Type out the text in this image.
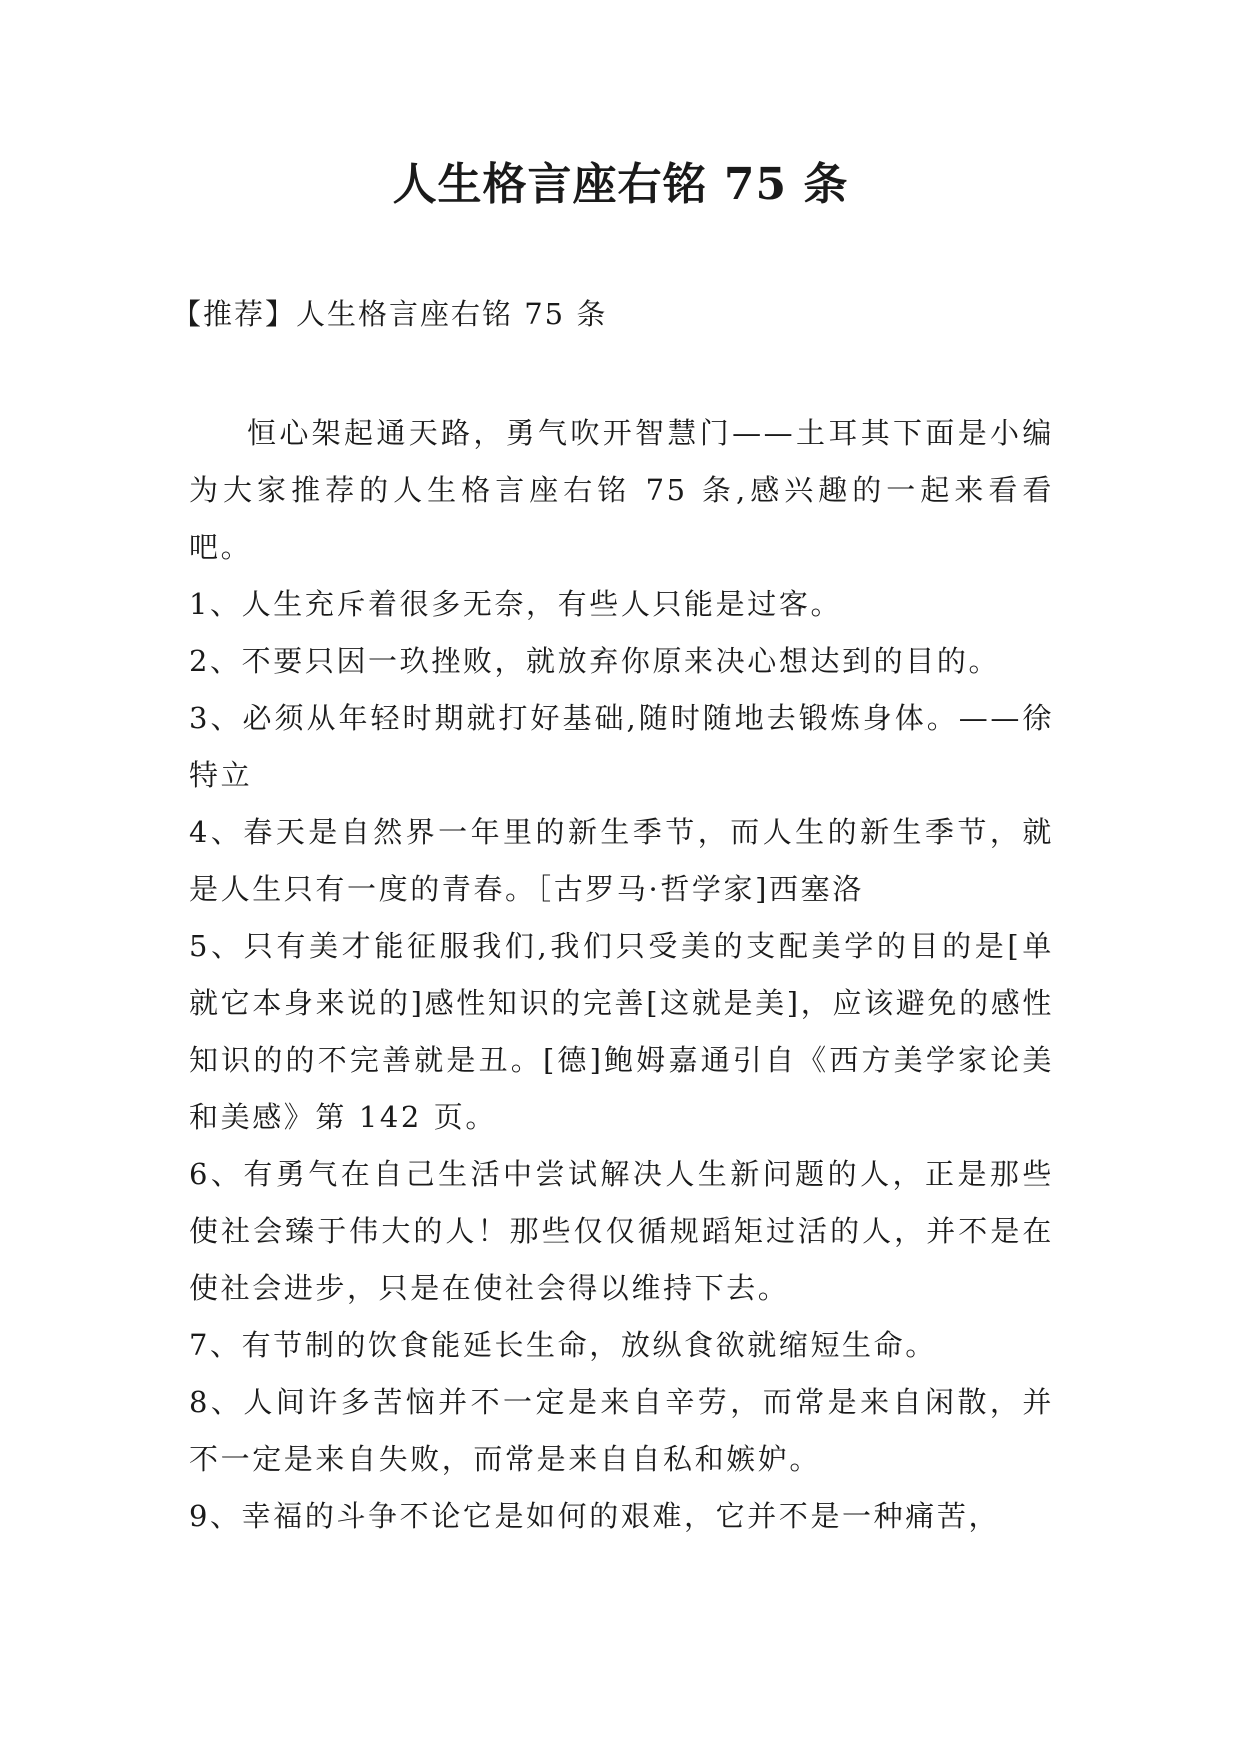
人生格言座右铭 75 条

【推荐】人生格言座右铭 75 条

恒心架起通天路，勇气吹开智慧门——土耳其下面是小编为大家推荐的人生格言座右铭 75 条,感兴趣的一起来看看吧。

1、人生充斥着很多无奈，有些人只能是过客。

2、不要只因一玖挫败，就放弃你原来决心想达到的目的。

3、必须从年轻时期就打好基础,随时随地去锻炼身体。——徐特立

4、春天是自然界一年里的新生季节，而人生的新生季节，就是人生只有一度的青春。［古罗马·哲学家]西塞洛

5、只有美才能征服我们,我们只受美的支配美学的目的是[单就它本身来说的]感性知识的完善[这就是美]，应该避免的感性知识的的不完善就是丑。[德]鲍姆嘉通引自《西方美学家论美和美感》第 142 页。

6、有勇气在自己生活中尝试解决人生新问题的人，正是那些使社会臻于伟大的人！那些仅仅循规蹈矩过活的人，并不是在使社会进步，只是在使社会得以维持下去。

7、有节制的饮食能延长生命，放纵食欲就缩短生命。

8、人间许多苦恼并不一定是来自辛劳，而常是来自闲散，并不一定是来自失败，而常是来自自私和嫉妒。

9、幸福的斗争不论它是如何的艰难，它并不是一种痛苦，
